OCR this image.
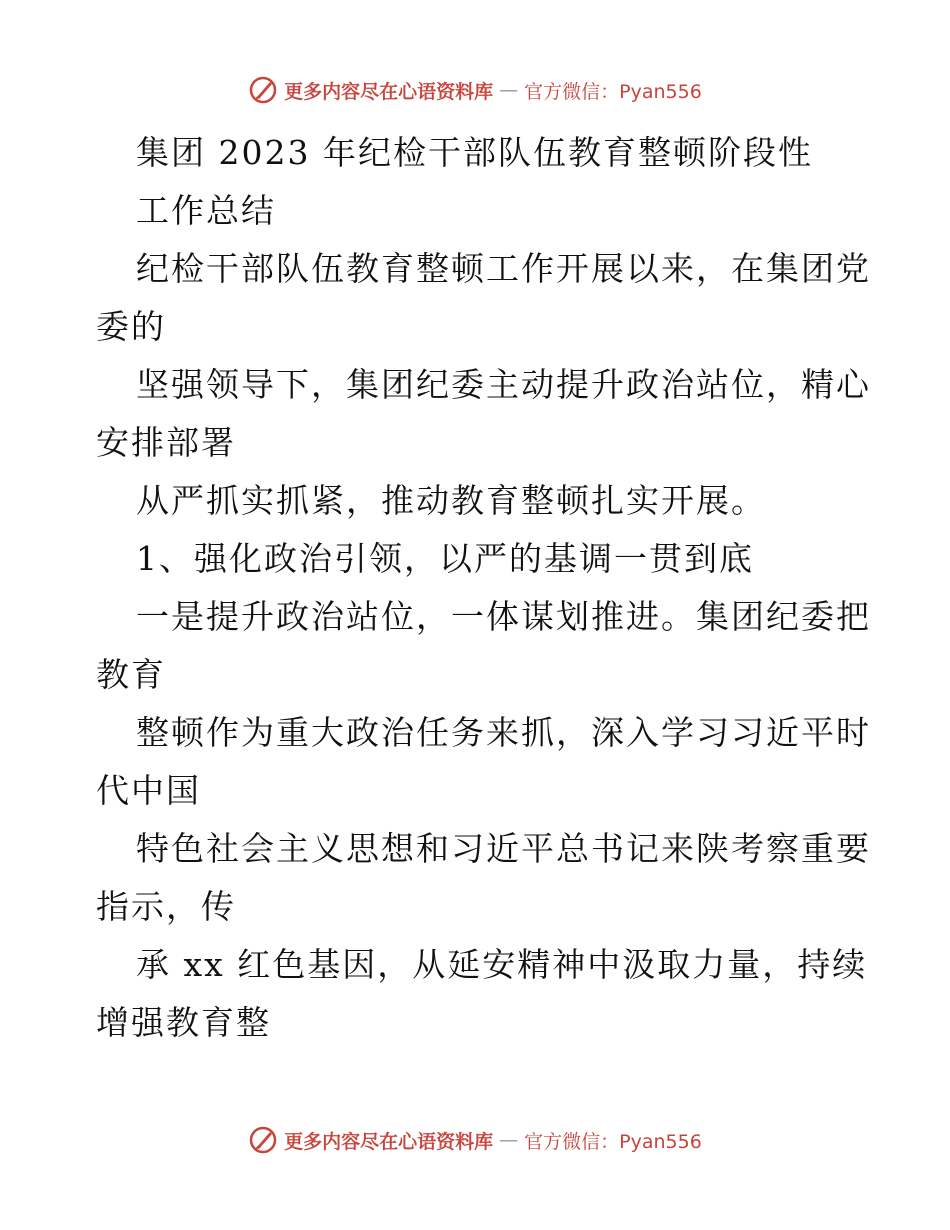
更多内容尽在心语资料库 — 官方微信：Pyan556
集团 2023 年纪检干部队伍教育整顿阶段性
工作总结
纪检干部队伍教育整顿工作开展以来，在集团党
委的
坚强领导下，集团纪委主动提升政治站位，精心
安排部署
从严抓实抓紧，推动教育整顿扎实开展。
1、强化政治引领，以严的基调一贯到底
一是提升政治站位，一体谋划推进。集团纪委把
教育
整顿作为重大政治任务来抓，深入学习习近平时
代中国
特色社会主义思想和习近平总书记来陕考察重要
指示，传
承 xx 红色基因，从延安精神中汲取力量，持续
增强教育整
更多内容尽在心语资料库 — 官方微信：Pyan556
